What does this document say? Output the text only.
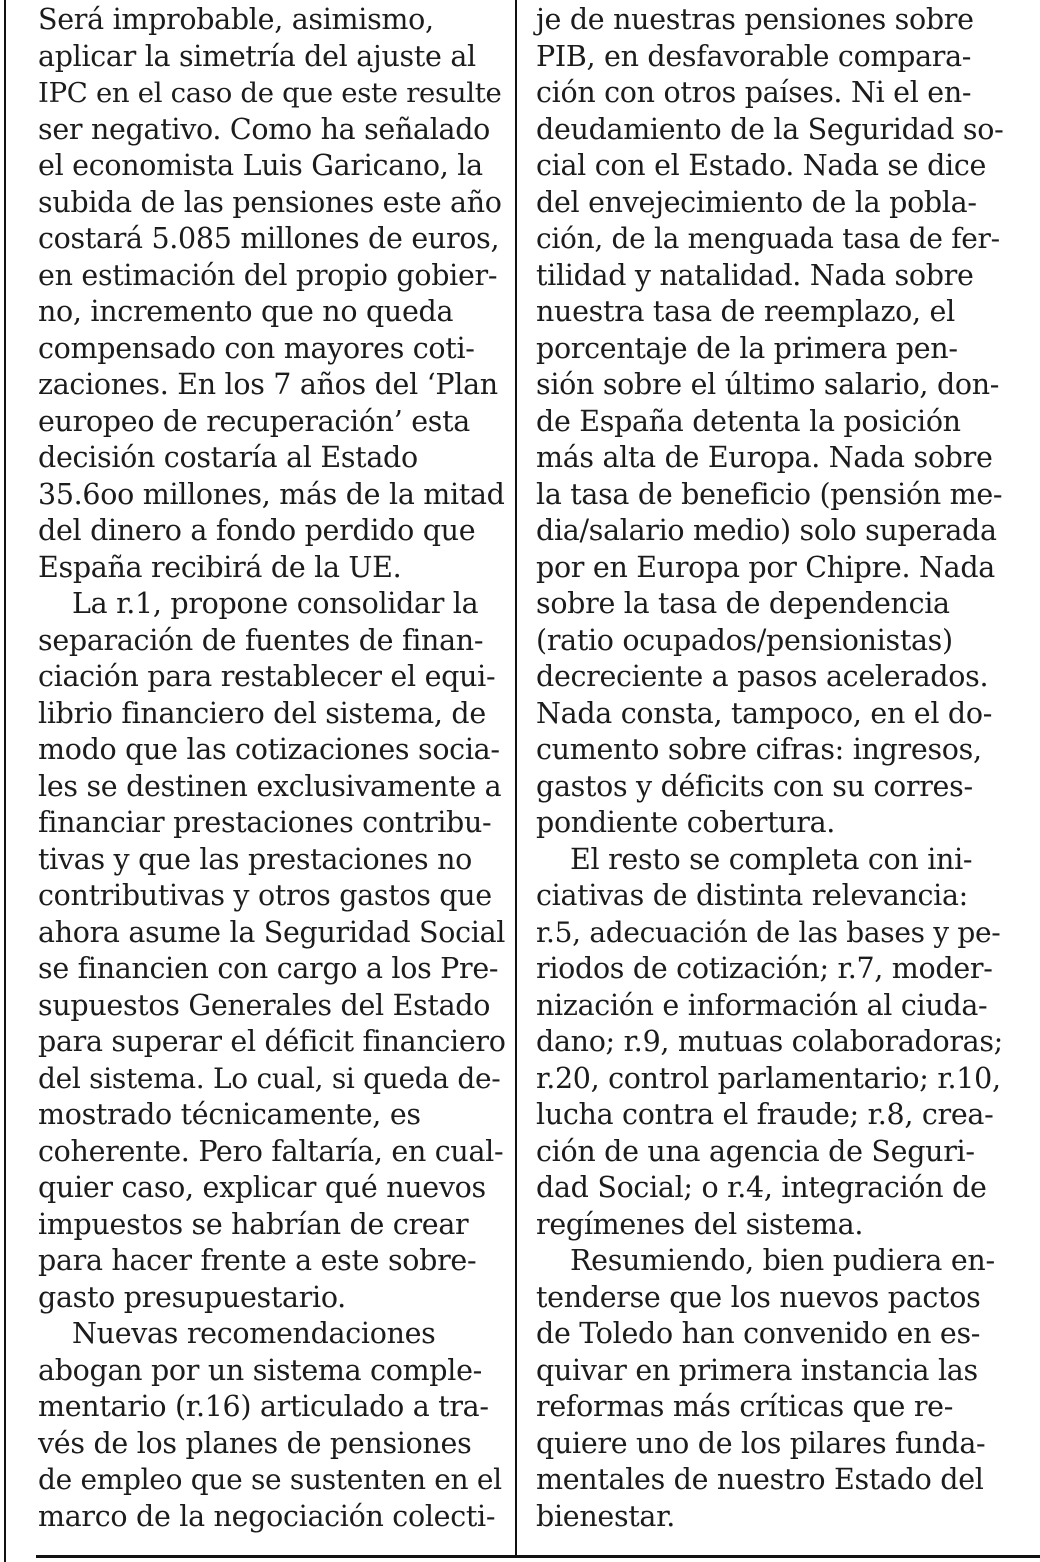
Será improbable, asimismo,
aplicar la simetría del ajuste al
IPC en el caso de que este resulte
ser negativo. Como ha señalado
el economista Luis Garicano, la
subida de las pensiones este año
costará 5.085 millones de euros,
en estimación del propio gobier-
no, incremento que no queda
compensado con mayores coti-
zaciones. En los 7 años del ‘Plan
europeo de recuperación’ esta
decisión costaría al Estado
35.6oo millones, más de la mitad
del dinero a fondo perdido que
España recibirá de la UE.
La r.1, propone consolidar la
separación de fuentes de finan-
ciación para restablecer el equi-
librio financiero del sistema, de
modo que las cotizaciones socia-
les se destinen exclusivamente a
financiar prestaciones contribu-
tivas y que las prestaciones no
contributivas y otros gastos que
ahora asume la Seguridad Social
se financien con cargo a los Pre-
supuestos Generales del Estado
para superar el déficit financiero
del sistema. Lo cual, si queda de-
mostrado técnicamente, es
coherente. Pero faltaría, en cual-
quier caso, explicar qué nuevos
impuestos se habrían de crear
para hacer frente a este sobre-
gasto presupuestario.
Nuevas recomendaciones
abogan por un sistema comple-
mentario (r.16) articulado a tra-
vés de los planes de pensiones
de empleo que se sustenten en el
marco de la negociación colecti-
je de nuestras pensiones sobre
PIB, en desfavorable compara-
ción con otros países. Ni el en-
deudamiento de la Seguridad so-
cial con el Estado. Nada se dice
del envejecimiento de la pobla-
ción, de la menguada tasa de fer-
tilidad y natalidad. Nada sobre
nuestra tasa de reemplazo, el
porcentaje de la primera pen-
sión sobre el último salario, don-
de España detenta la posición
más alta de Europa. Nada sobre
la tasa de beneficio (pensión me-
dia/salario medio) solo superada
por en Europa por Chipre. Nada
sobre la tasa de dependencia
(ratio ocupados/pensionistas)
decreciente a pasos acelerados.
Nada consta, tampoco, en el do-
cumento sobre cifras: ingresos,
gastos y déficits con su corres-
pondiente cobertura.
El resto se completa con ini-
ciativas de distinta relevancia:
r.5, adecuación de las bases y pe-
riodos de cotización; r.7, moder-
nización e información al ciuda-
dano; r.9, mutuas colaboradoras;
r.20, control parlamentario; r.10,
lucha contra el fraude; r.8, crea-
ción de una agencia de Seguri-
dad Social; o r.4, integración de
regímenes del sistema.
Resumiendo, bien pudiera en-
tenderse que los nuevos pactos
de Toledo han convenido en es-
quivar en primera instancia las
reformas más críticas que re-
quiere uno de los pilares funda-
mentales de nuestro Estado del
bienestar.
